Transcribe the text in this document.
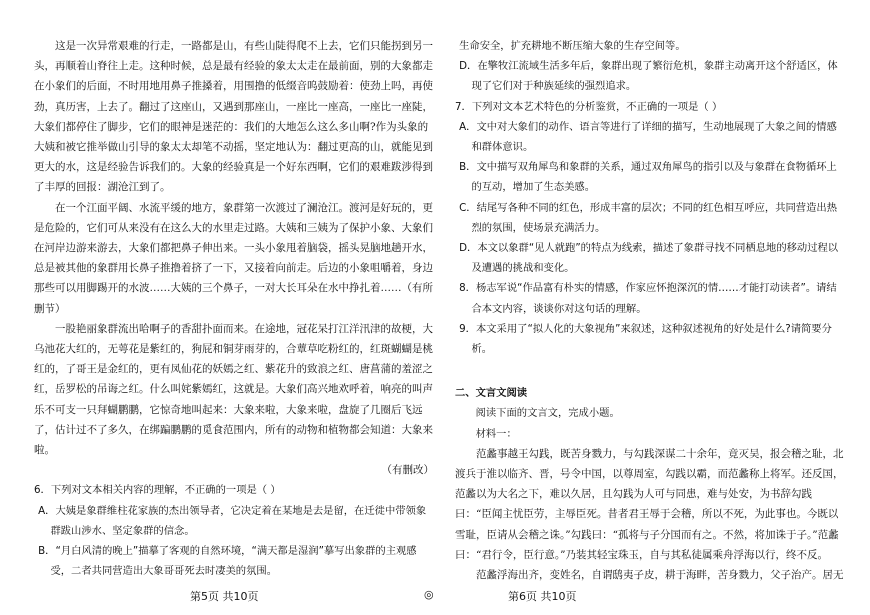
这是一次异常艰难的行走，一路都是山，有些山陡得爬不上去，它们只能拐到另一头，再顺着山脊往上走。这种时候，总是最有经验的象太太走在最前面，别的大象都走在小象们的后面，不时用地用鼻子推搡着，用围撸的低缀音呜鼓励着：使劲上吗，再使劲，真历害，上去了。翻过了这座山，又遇到那座山，一座比一座高，一座比一座陡，大象们都停住了脚步，它们的眼神是迷茫的：我们的大地怎么这么多山啊?作为头象的大姨和被它推举做山引导的象太太却笔不动摇，坚定地认为：翻过更高的山，就能见到更大的水，这是经验告诉我们的。大象的经验真是一个好东西啊，它们的艰难跋涉得到了丰厚的回报：湖沧江到了。

在一个江面平阔、水流平缓的地方，象群第一次渡过了澜沧江。渡河是好玩的，更是危险的，它们可从来没有在这么大的水里走过路。大姨和三姨为了保护小象、大象们在河岸边游来游去，大象们都把鼻子伸出来。一头小象甩着脑袋，摇头晃脑地趟开水，总是被其他的象群用长鼻子推撸着挤了一下，又接着向前走。后边的小象咀嚼着，身边那些可以用脚踢开的水波……大姨的三个鼻子，一对大长耳朵在水中挣扎着……（有所删节）

一股艳丽象群流出哈啊子的香甜扑面而来。在途地，冠花呆打江洋汛津的故梗，大乌池花大红的，无萼花是紫红的，狗屁和铜芽雨芽的，合蕈草吃粉红的，红斑蝴蝴是桃红的，了哥王是金红的，更有凤仙花的妖嫣之红、紫花升的致浪之红、唐菖蒲的羞涩之红，岳罗松的吊诲之红。什么叫姹紫嫣红，这就是。大象们高兴地欢呼着，响亮的叫声乐不可支一只拜蝴鹏鹏，它惊奇地叫起来：大象来啦，大象来啦，盘旋了几圈后飞远了，估计过不了多久，在绑蹁鹏鹏的觅食范围内，所有的动物和植物都会知道：大象来啦。

（有删改）

6．下列对文本相关内容的理解，不正确的一项是（ ）

A．大姨是象群维柱花家族的杰出领导者，它决定着在某地是去是留，在迁徙中带领象群跋山涉水、坚定象群的信念。

B．“月白风清的晚上”描摹了客观的自然环境，“满天都是湿润”摹写出象群的主观感受，二者共同营造出大象哥哥死去时凄美的氛围。

生命安全，扩充耕地不断压缩大象的生存空间等。

D．在擎牧江流域生活多年后，象群出现了繁衍危机，象群主动离开这个舒适区，体现了它们对于种族延续的强烈追求。

7．下列对文本艺术特色的分析鉴赏，不正确的一项是（ ）

A．文中对大象们的动作、语言等进行了详细的描写，生动地展现了大象之间的情感和群体意识。

B．文中描写双角犀鸟和象群的关系，通过双角犀鸟的指引以及与象群在食物循环上的互动，增加了生态美感。

C．结尾写各种不同的红色，形成丰富的层次；不同的红色相互呼应，共同营造出热烈的氛围，使场景充满活力。

D．本文以象群“见人就跑”的特点为线索，描述了象群寻找不同栖息地的移动过程以及遭遇的挑战和变化。

8．杨志军说“作品富有朴实的情感，作家应怀抱深沉的情……才能打动读者”。请结合本文内容，谈谈你对这句话的理解。

9．本文采用了“拟人化的大象视角”来叙述，这种叙述视角的好处是什么?请简要分析。

二、文言文阅读

阅读下面的文言文，完成小题。

材料一：

范蠡事越王勾践，既苦身戮力，与勾践深谋二十余年，竟灭吴，报会稽之耻，北渡兵于淮以临齐、晋，号令中国，以尊周室，勾践以霸，而范蠡称上将军。还反国，范蠡以为大名之下，难以久居，且勾践为人可与同患，难与处安，为书辞勾践曰：“臣闻主忧臣劳，主辱臣死。昔者君王辱于会稽，所以不死，为此事也。今既以雪耻，臣请从会稽之诛。”勾践曰：“孤将与子分国而有之。不然，将加诛于子。”范蠡曰：“君行令，臣行意。”乃装其轻宝珠玉，自与其私徒属乘舟浮海以行，终不反。

范蠡浮海出齐，变姓名，自谓鸱夷子皮，耕于海畔，苦身戮力，父子治产。居无

第5页 共10页	◎	第6页 共10页
